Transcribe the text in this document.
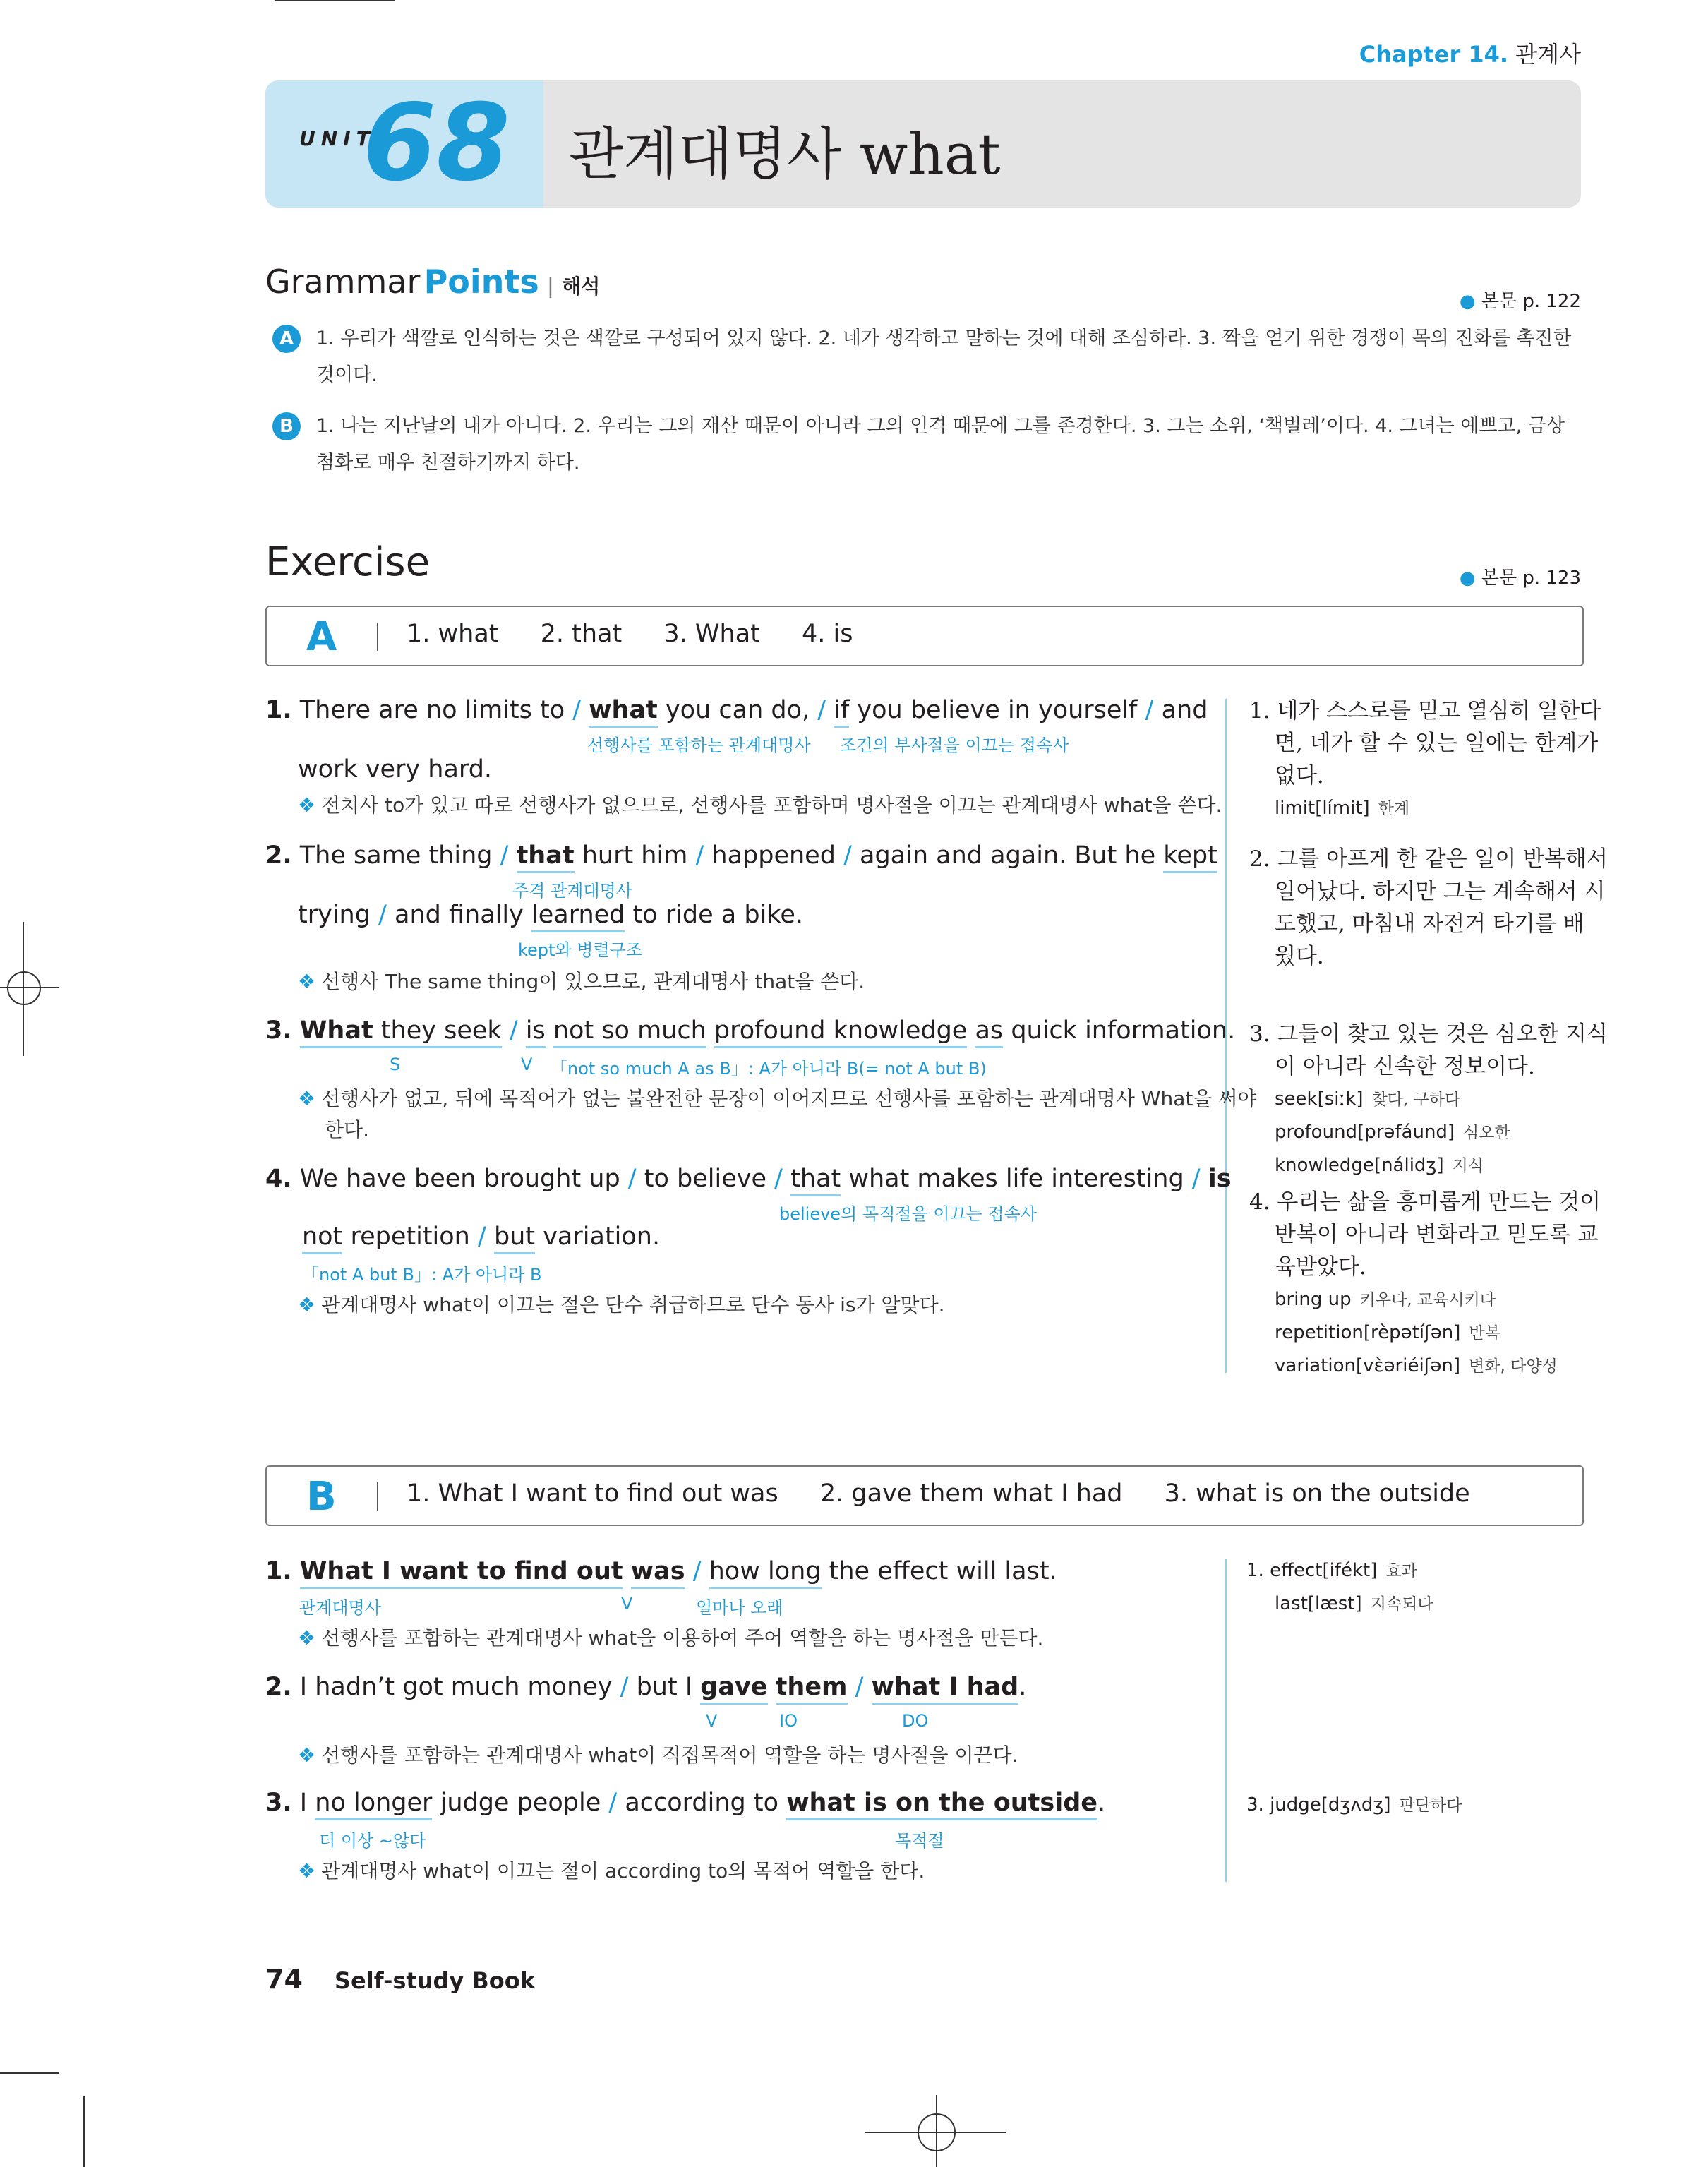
Chapter 14. 관계사
UNIT
68 관계대명사 what
Grammar Points | 해석
● 본문 p. 122
A	1. 우리가 색깔로 인식하는 것은 색깔로 구성되어 있지 않다. 2. 네가 생각하고 말하는 것에 대해 조심하라. 3. 짝을 얻기 위한 경쟁이 목의 진화를 촉진한
것이다.
B	1. 나는 지난날의 내가 아니다. 2. 우리는 그의 재산 때문이 아니라 그의 인격 때문에 그를 존경한다. 3. 그는 소위, ‘책벌레’이다. 4. 그녀는 예쁘고, 금상
첨화로 매우 친절하기까지 하다.
Exercise	● 본문 p. 123
A	1. what 2. that 3. What 4. is
1. There are no limits to / what you can do, / if you believe in yourself / and
선행사를 포함하는 관계대명사 조건의 부사절을 이끄는 접속사
work very hard.
❖ 전치사 to가 있고 따로 선행사가 없으므로, 선행사를 포함하며 명사절을 이끄는 관계대명사 what을 쓴다.
2. The same thing / that hurt him / happened / again and again. But he kept
주격 관계대명사
trying / and finally learned to ride a bike.
kept와 병렬구조
❖ 선행사 The same thing이 있으므로, 관계대명사 that을 쓴다.
3. What they seek / is not so much profound knowledge as quick information.
S	V 「not so much A as B」: A가 아니라 B(= not A but B)
❖ 선행사가 없고, 뒤에 목적어가 없는 불완전한 문장이 이어지므로 선행사를 포함하는 관계대명사 What을 써야
한다.
4. We have been brought up / to believe / that what makes life interesting / is
believe의 목적절을 이끄는 접속사
not repetition / but variation.
「not A but B」: A가 아니라 B
❖ 관계대명사 what이 이끄는 절은 단수 취급하므로 단수 동사 is가 알맞다.
1. 네가 스스로를 믿고 열심히 일한다
면, 네가 할 수 있는 일에는 한계가
없다.
limit[límit] 한계
2. 그를 아프게 한 같은 일이 반복해서
일어났다. 하지만 그는 계속해서 시
도했고, 마침내 자전거 타기를 배
웠다.
3. 그들이 찾고 있는 것은 심오한 지식
이 아니라 신속한 정보이다.
seek[siːk] 찾다, 구하다
profound[prəfáund] 심오한
knowledge[nálidʒ] 지식
4. 우리는 삶을 흥미롭게 만드는 것이
반복이 아니라 변화라고 믿도록 교
육받았다.
bring up 키우다, 교육시키다
repetition[rèpətíʃən] 반복
variation[vὲəriéiʃən] 변화, 다양성
B	1. What I want to find out was 2. gave them what I had 3. what is on the outside
1. What I want to find out was / how long the effect will last.
관계대명사	V	얼마나 오래
❖ 선행사를 포함하는 관계대명사 what을 이용하여 주어 역할을 하는 명사절을 만든다.
2. I hadn’t got much money / but I gave them / what I had.
V	IO	DO
❖ 선행사를 포함하는 관계대명사 what이 직접목적어 역할을 하는 명사절을 이끈다.
3. I no longer judge people / according to what is on the outside.
더 이상 ~않다	목적절
❖ 관계대명사 what이 이끄는 절이 according to의 목적어 역할을 한다.
1. effect[ifékt] 효과
last[læst] 지속되다
3. judge[dʒʌdʒ] 판단하다
74 Self-study Book
